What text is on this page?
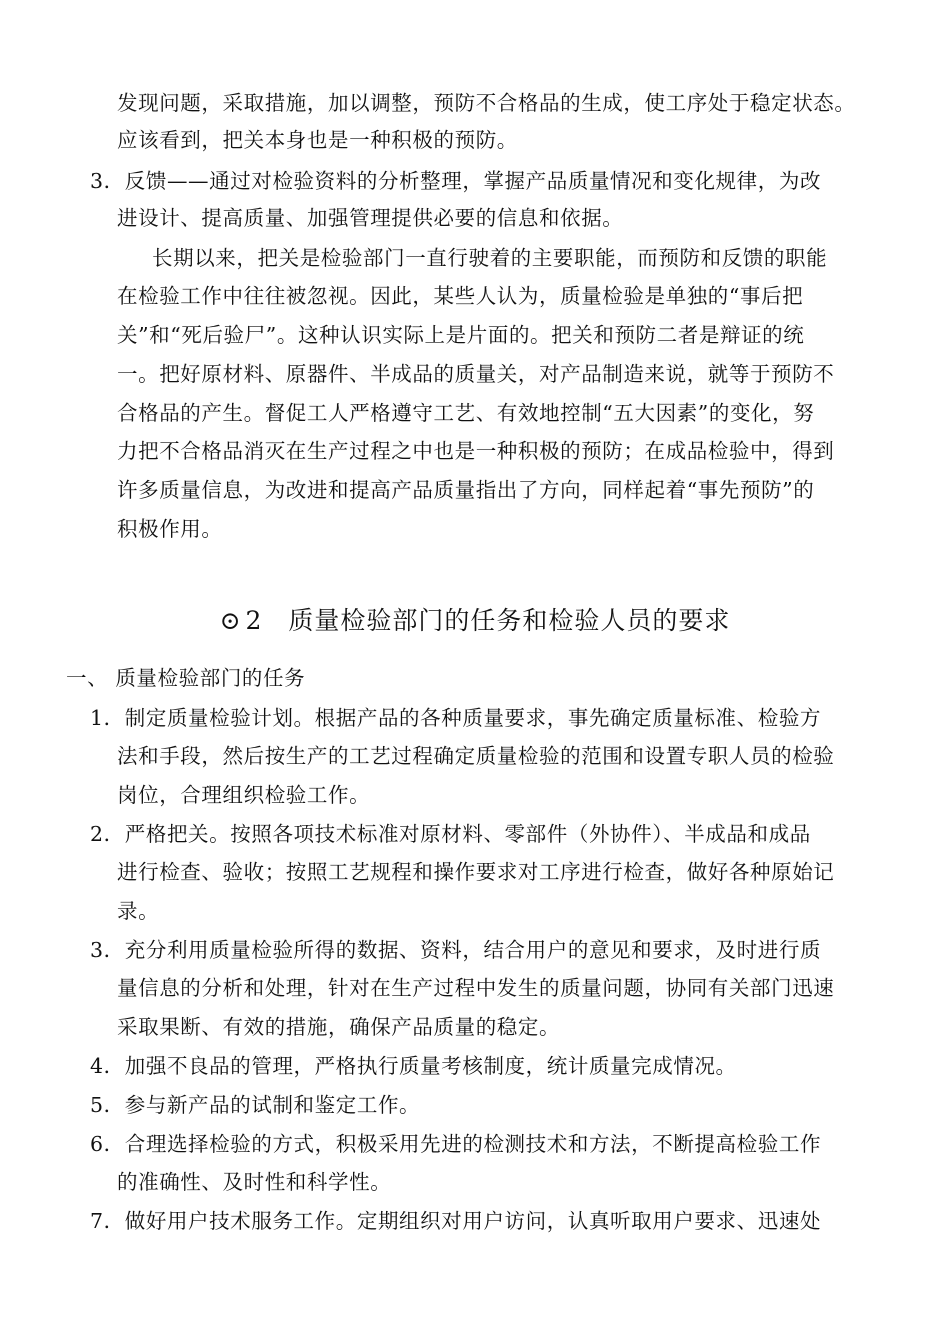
发现问题，采取措施，加以调整，预防不合格品的生成，使工序处于稳定状态。
应该看到，把关本身也是一种积极的预防。
3．反馈——通过对检验资料的分析整理，掌握产品质量情况和变化规律，为改
进设计、提高质量、加强管理提供必要的信息和依据。
长期以来，把关是检验部门一直行驶着的主要职能，而预防和反馈的职能
在检验工作中往往被忽视。因此，某些人认为，质量检验是单独的“事后把
关”和“死后验尸”。这种认识实际上是片面的。把关和预防二者是辩证的统
一。把好原材料、原器件、半成品的质量关，对产品制造来说，就等于预防不
合格品的产生。督促工人严格遵守工艺、有效地控制“五大因素”的变化，努
力把不合格品消灭在生产过程之中也是一种积极的预防；在成品检验中，得到
许多质量信息，为改进和提高产品质量指出了方向，同样起着“事先预防”的
积极作用。
⊙ 2 质量检验部门的任务和检验人员的要求
一、 质量检验部门的任务
1．制定质量检验计划。根据产品的各种质量要求，事先确定质量标准、检验方
法和手段，然后按生产的工艺过程确定质量检验的范围和设置专职人员的检验
岗位，合理组织检验工作。
2．严格把关。按照各项技术标准对原材料、零部件（外协件）、半成品和成品
进行检查、验收；按照工艺规程和操作要求对工序进行检查，做好各种原始记
录。
3．充分利用质量检验所得的数据、资料，结合用户的意见和要求，及时进行质
量信息的分析和处理，针对在生产过程中发生的质量问题，协同有关部门迅速
采取果断、有效的措施，确保产品质量的稳定。
4．加强不良品的管理，严格执行质量考核制度，统计质量完成情况。
5．参与新产品的试制和鉴定工作。
6．合理选择检验的方式，积极采用先进的检测技术和方法，不断提高检验工作
的准确性、及时性和科学性。
7．做好用户技术服务工作。定期组织对用户访问，认真听取用户要求、迅速处
